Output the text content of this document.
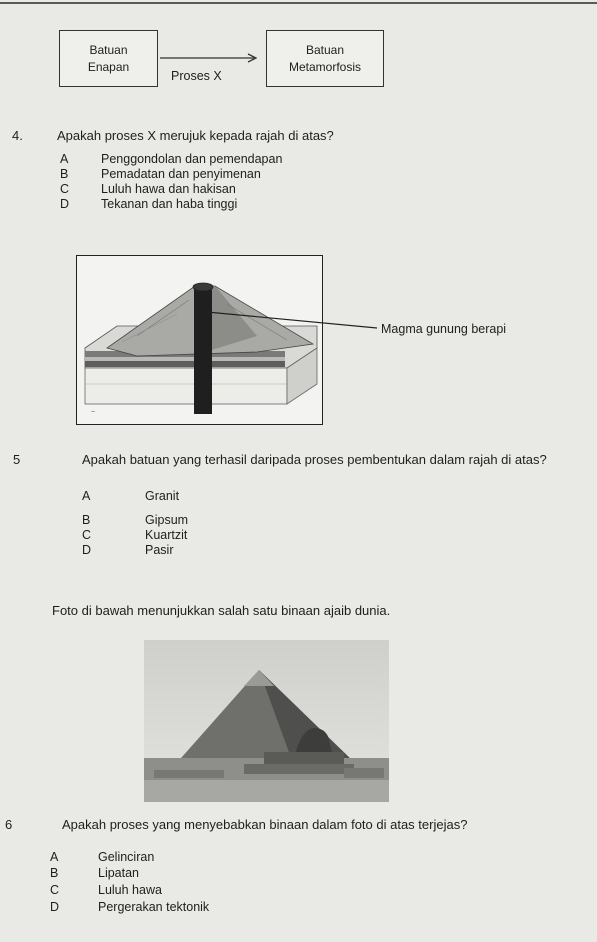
Batuan
Enapan
Batuan
Metamorfosis
Proses X
4.	Apakah proses X merujuk kepada rajah di atas?
A	Penggondolan dan pemendapan
B	Pemadatan dan penyimenan
C	Luluh hawa dan hakisan
D	Tekanan dan haba tinggi
~
Magma gunung berapi
5	Apakah batuan yang terhasil daripada proses pembentukan dalam rajah di atas?
A	Granit
B	Gipsum
C	Kuartzit
D	Pasir
Foto di bawah menunjukkan salah satu binaan ajaib dunia.
6	Apakah proses yang menyebabkan binaan dalam foto di atas terjejas?
A	Gelinciran
B	Lipatan
C	Luluh hawa
D	Pergerakan tektonik
